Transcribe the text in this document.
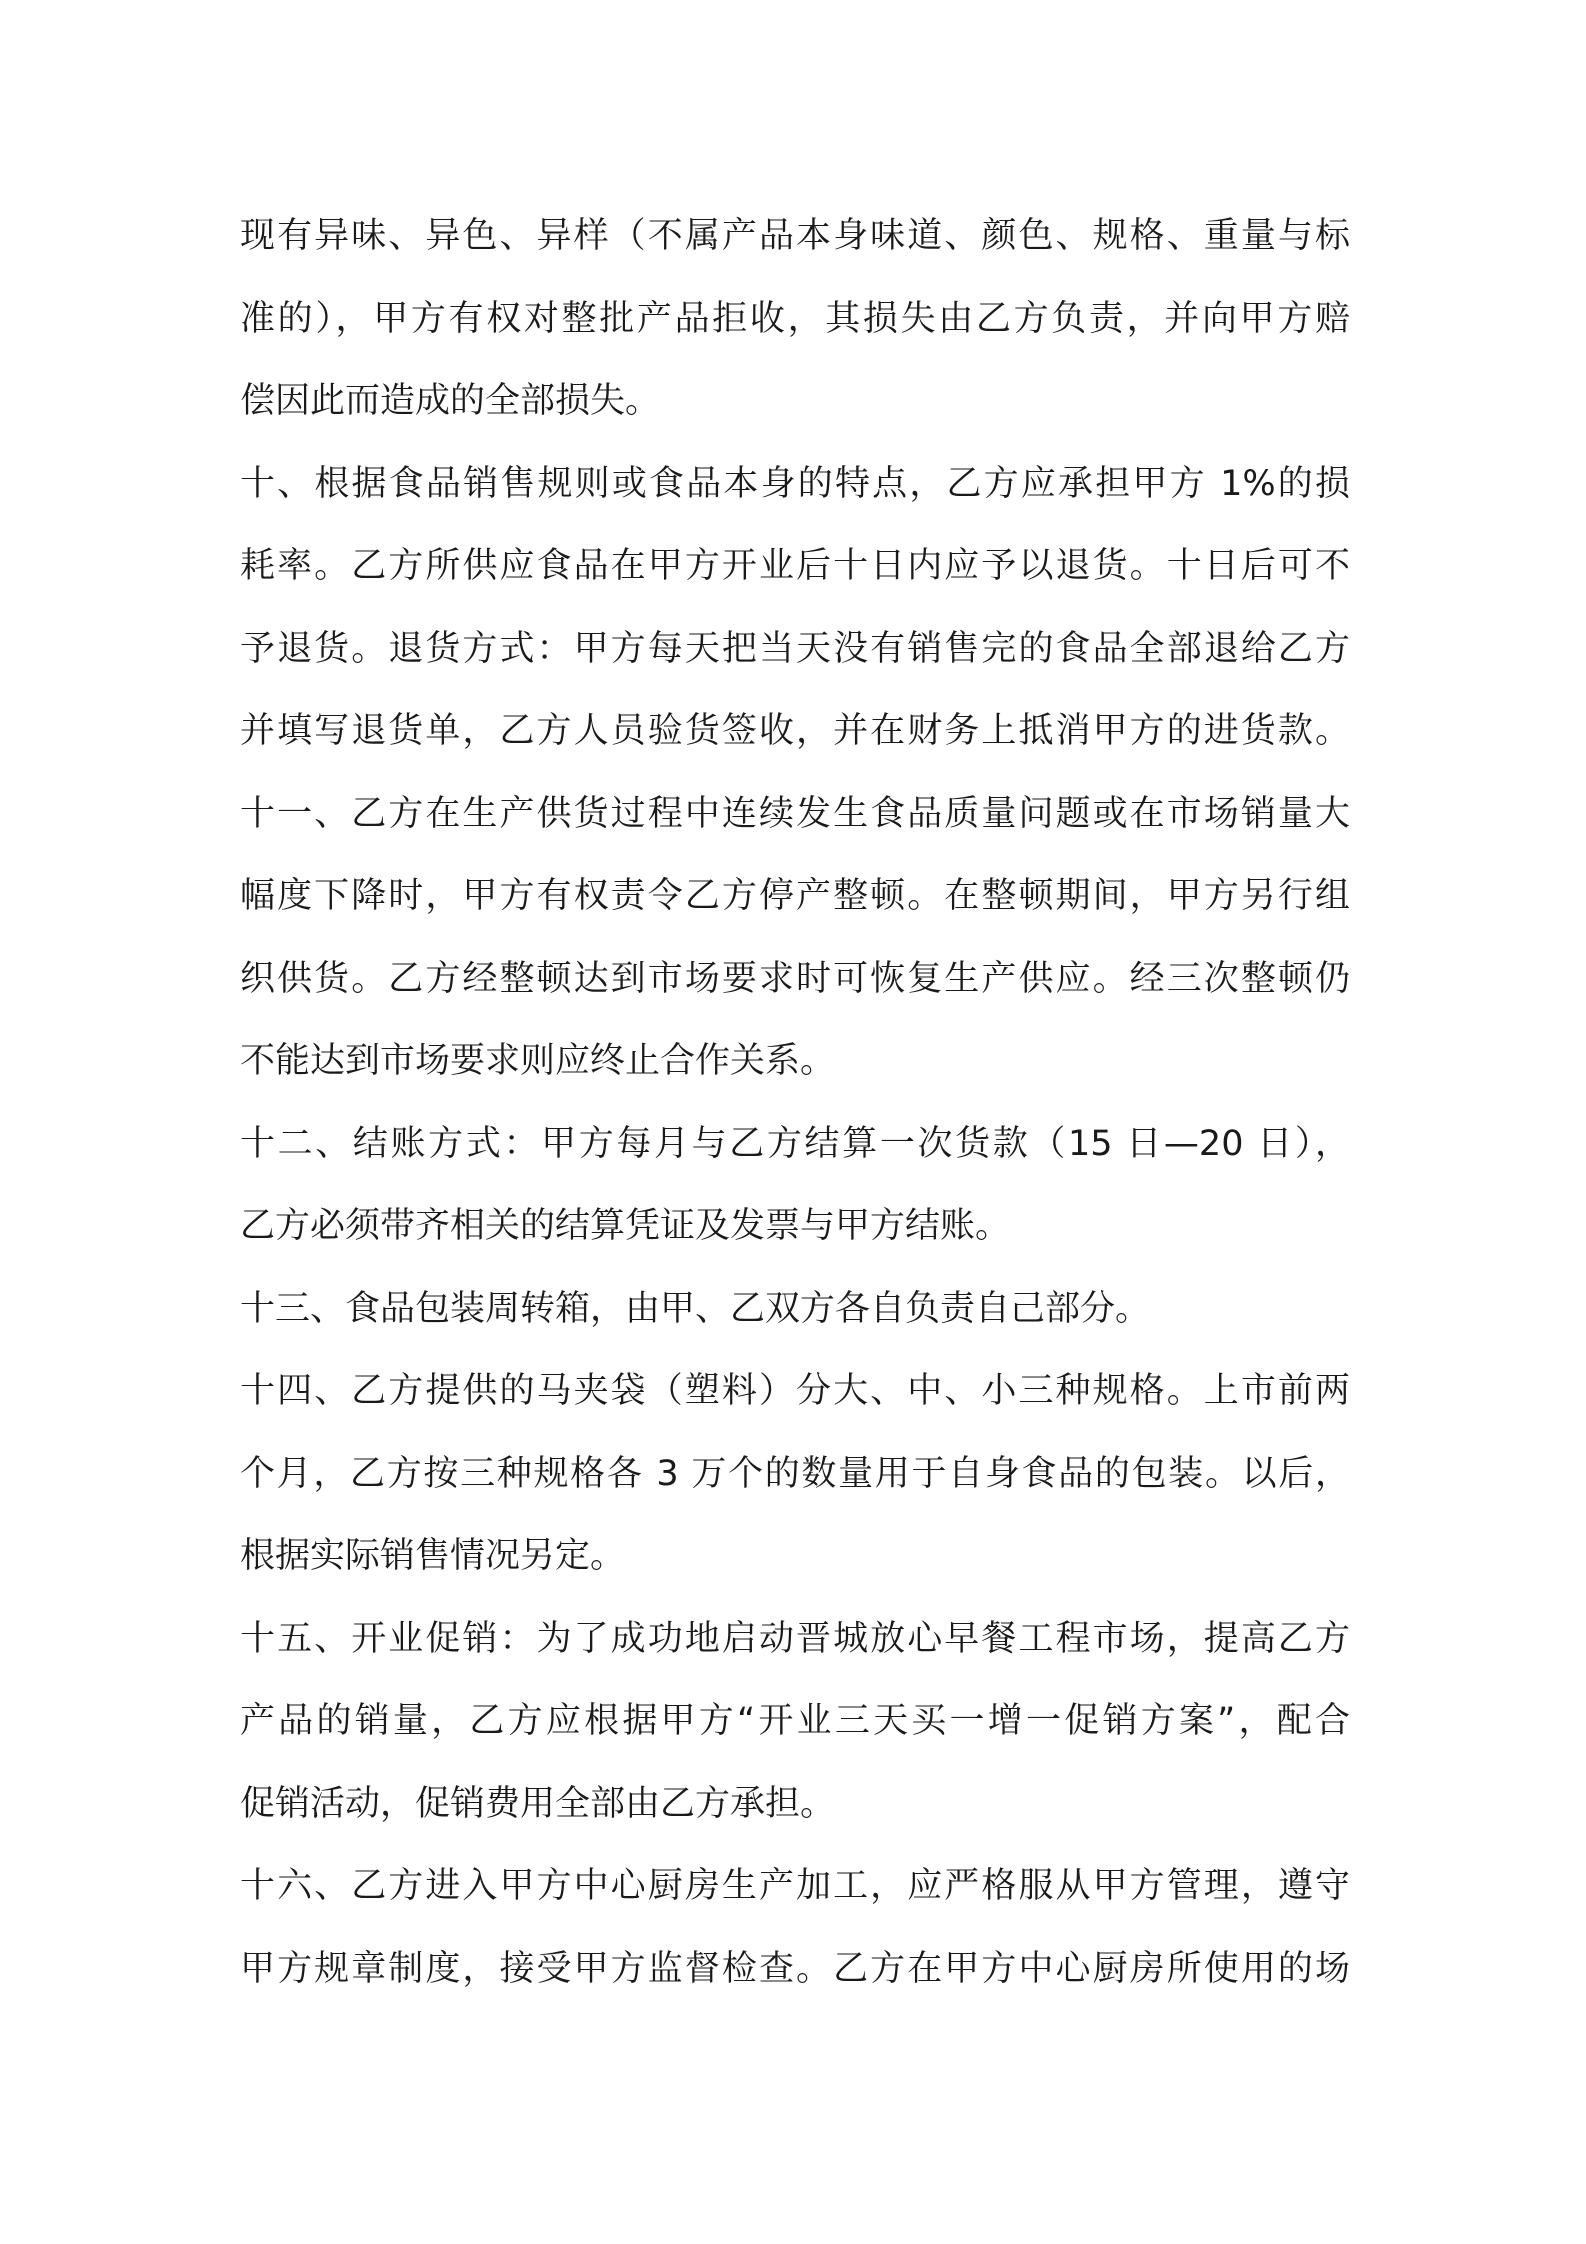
现有异味、异色、异样（不属产品本身味道、颜色、规格、重量与标
准的），甲方有权对整批产品拒收，其损失由乙方负责，并向甲方赔
偿因此而造成的全部损失。
十、根据食品销售规则或食品本身的特点，乙方应承担甲方 1%的损
耗率。乙方所供应食品在甲方开业后十日内应予以退货。十日后可不
予退货。退货方式：甲方每天把当天没有销售完的食品全部退给乙方
并填写退货单，乙方人员验货签收，并在财务上抵消甲方的进货款。
十一、乙方在生产供货过程中连续发生食品质量问题或在市场销量大
幅度下降时，甲方有权责令乙方停产整顿。在整顿期间，甲方另行组
织供货。乙方经整顿达到市场要求时可恢复生产供应。经三次整顿仍
不能达到市场要求则应终止合作关系。
十二、结账方式：甲方每月与乙方结算一次货款（15 日—20 日），
乙方必须带齐相关的结算凭证及发票与甲方结账。
十三、食品包装周转箱，由甲、乙双方各自负责自己部分。
十四、乙方提供的马夹袋（塑料）分大、中、小三种规格。上市前两
个月，乙方按三种规格各 3 万个的数量用于自身食品的包装。以后，
根据实际销售情况另定。
十五、开业促销：为了成功地启动晋城放心早餐工程市场，提高乙方
产品的销量，乙方应根据甲方“开业三天买一增一促销方案”，配合
促销活动，促销费用全部由乙方承担。
十六、乙方进入甲方中心厨房生产加工，应严格服从甲方管理，遵守
甲方规章制度，接受甲方监督检查。乙方在甲方中心厨房所使用的场
